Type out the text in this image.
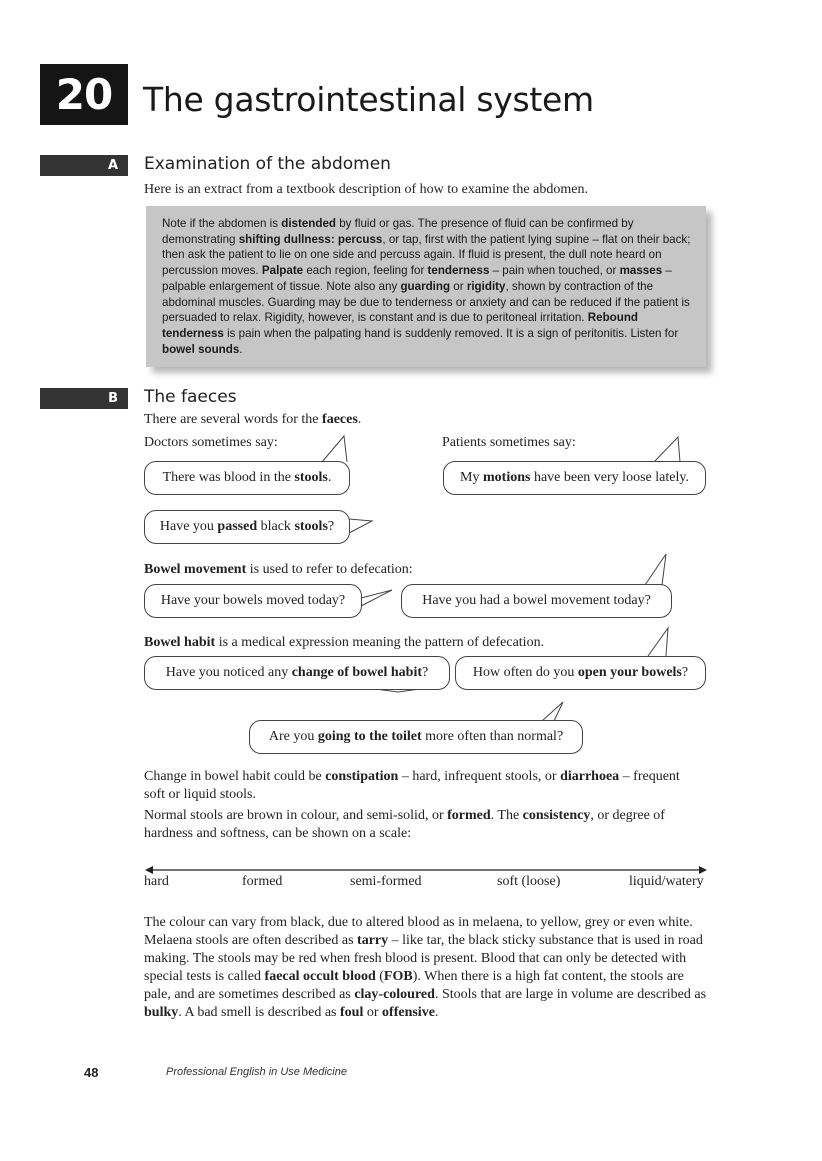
20 The gastrointestinal system
A	Examination of the abdomen
Here is an extract from a textbook description of how to examine the abdomen.
Note if the abdomen is distended by fluid or gas. The presence of fluid can be confirmed by demonstrating shifting dullness: percuss, or tap, first with the patient lying supine – flat on their back; then ask the patient to lie on one side and percuss again. If fluid is present, the dull note heard on percussion moves. Palpate each region, feeling for tenderness – pain when touched, or masses – palpable enlargement of tissue. Note also any guarding or rigidity, shown by contraction of the abdominal muscles. Guarding may be due to tenderness or anxiety and can be reduced if the patient is persuaded to relax. Rigidity, however, is constant and is due to peritoneal irritation. Rebound tenderness is pain when the palpating hand is suddenly removed. It is a sign of peritonitis. Listen for bowel sounds.
B	The faeces
There are several words for the faeces.
Doctors sometimes say:	Patients sometimes say:
There was blood in the stools.	My motions have been very loose lately.
Have you passed black stools?
Bowel movement is used to refer to defecation:
Have your bowels moved today?	Have you had a bowel movement today?
Bowel habit is a medical expression meaning the pattern of defecation.
Have you noticed any change of bowel habit?	How often do you open your bowels?
Are you going to the toilet more often than normal?
Change in bowel habit could be constipation – hard, infrequent stools, or diarrhoea – frequent soft or liquid stools.
Normal stools are brown in colour, and semi-solid, or formed. The consistency, or degree of hardness and softness, can be shown on a scale:
hard	formed	semi-formed	soft (loose)	liquid/watery
The colour can vary from black, due to altered blood as in melaena, to yellow, grey or even white. Melaena stools are often described as tarry – like tar, the black sticky substance that is used in road making. The stools may be red when fresh blood is present. Blood that can only be detected with special tests is called faecal occult blood (FOB). When there is a high fat content, the stools are pale, and are sometimes described as clay-coloured. Stools that are large in volume are described as bulky. A bad smell is described as foul or offensive.
48	Professional English in Use Medicine
